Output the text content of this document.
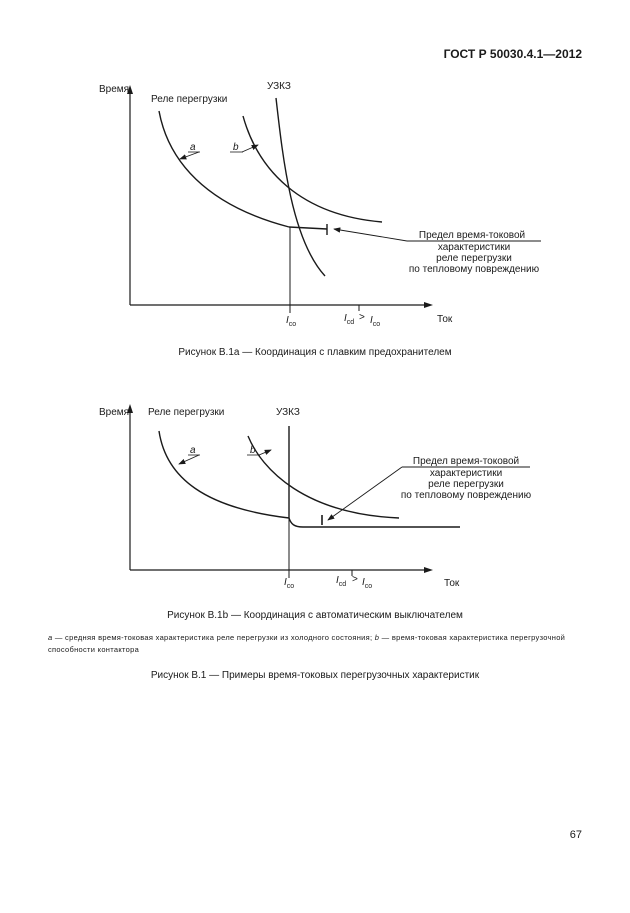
ГОСТ Р 50030.4.1—2012
Время
Ток
Реле перегрузки
УЗКЗ
a	b
Ico
Icd > Ico
Предел время-токовой
характеристики
реле перегрузки
по тепловому повреждению
Рисунок В.1a — Координация с плавким предохранителем
Время
Ток
Реле перегрузки	УЗКЗ
a	b
Ico
Icd > Ico
Предел время-токовой
характеристики
реле перегрузки
по тепловому повреждению
Рисунок В.1b — Координация с автоматическим выключателем
a — средняя время-токовая характеристика реле перегрузки из холодного состояния; b — время-токовая характеристика перегрузочной способности контактора
Рисунок В.1 — Примеры время-токовых перегрузочных характеристик
67
